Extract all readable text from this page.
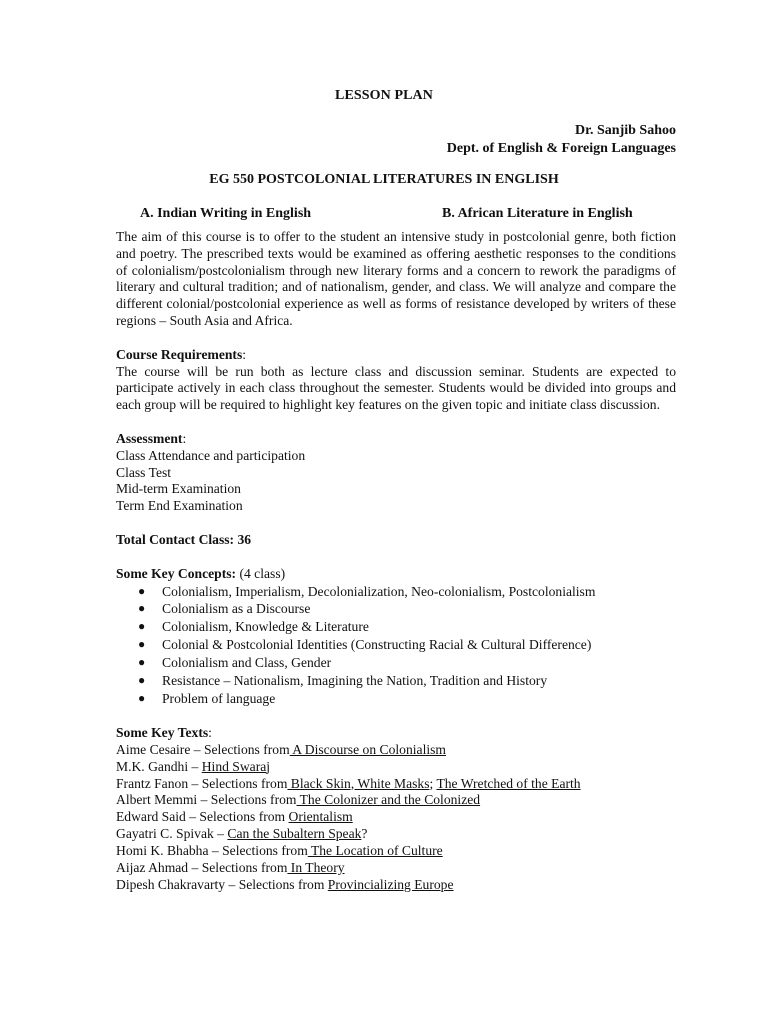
LESSON PLAN
Dr. Sanjib Sahoo
Dept. of English & Foreign Languages
EG 550 POSTCOLONIAL LITERATURES IN ENGLISH
A. Indian Writing in English	B. African Literature in English

The aim of this course is to offer to the student an intensive study in postcolonial genre, both fiction and poetry. The prescribed texts would be examined as offering aesthetic responses to the conditions of colonialism/postcolonialism through new literary forms and a concern to rework the paradigms of literary and cultural tradition; and of nationalism, gender, and class. We will analyze and compare the different colonial/postcolonial experience as well as forms of resistance developed by writers of these regions – South Asia and Africa.

Course Requirements:

The course will be run both as lecture class and discussion seminar. Students are expected to participate actively in each class throughout the semester. Students would be divided into groups and each group will be required to highlight key features on the given topic and initiate class discussion.

Assessment:

Class Attendance and participation

Class Test

Mid-term Examination

Term End Examination

Total Contact Class: 36

Some Key Concepts: (4 class)

● Colonialism, Imperialism, Decolonialization, Neo-colonialism, Postcolonialism
● Colonialism as a Discourse
● Colonialism, Knowledge & Literature
● Colonial & Postcolonial Identities (Constructing Racial & Cultural Difference)
● Colonialism and Class, Gender
● Resistance – Nationalism, Imagining the Nation, Tradition and History
● Problem of language

Some Key Texts:

Aime Cesaire – Selections from A Discourse on Colonialism

M.K. Gandhi – Hind Swaraj

Frantz Fanon – Selections from Black Skin, White Masks; The Wretched of the Earth

Albert Memmi – Selections from The Colonizer and the Colonized

Edward Said – Selections from Orientalism

Gayatri C. Spivak – Can the Subaltern Speak?

Homi K. Bhabha – Selections from The Location of Culture

Aijaz Ahmad – Selections from In Theory

Dipesh Chakravarty – Selections from Provincializing Europe
